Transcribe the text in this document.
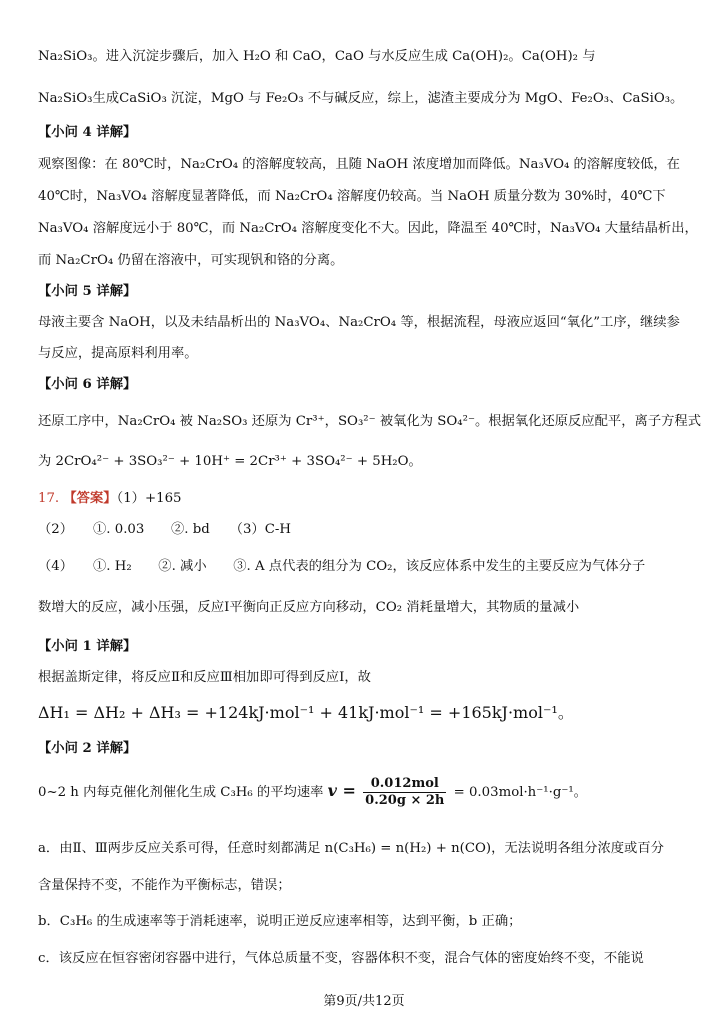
Na₂SiO₃。进入沉淀步骤后，加入 H₂O 和 CaO，CaO 与水反应生成 Ca(OH)₂。Ca(OH)₂ 与
Na₂SiO₃生成CaSiO₃ 沉淀，MgO 与 Fe₂O₃ 不与碱反应，综上，滤渣主要成分为 MgO、Fe₂O₃、CaSiO₃。
【小问 4 详解】
观察图像：在 80℃时，Na₂CrO₄ 的溶解度较高，且随 NaOH 浓度增加而降低。Na₃VO₄ 的溶解度较低，在
40℃时，Na₃VO₄ 溶解度显著降低，而 Na₂CrO₄ 溶解度仍较高。当 NaOH 质量分数为 30%时，40℃下
Na₃VO₄ 溶解度远小于 80℃，而 Na₂CrO₄ 溶解度变化不大。因此，降温至 40℃时，Na₃VO₄ 大量结晶析出，
而 Na₂CrO₄ 仍留在溶液中，可实现钒和铬的分离。
【小问 5 详解】
母液主要含 NaOH，以及未结晶析出的 Na₃VO₄、Na₂CrO₄ 等，根据流程，母液应返回“氧化”工序，继续参
与反应，提高原料利用率。
【小问 6 详解】
还原工序中，Na₂CrO₄ 被 Na₂SO₃ 还原为 Cr³⁺，SO₃²⁻ 被氧化为 SO₄²⁻。根据氧化还原反应配平，离子方程式
为 2CrO₄²⁻ + 3SO₃²⁻ + 10H⁺ = 2Cr³⁺ + 3SO₄²⁻ + 5H₂O。
17. 【答案】（1）+165
（2）　　①. 0.03　　②. bd　　（3）C-H
（4）　　①. H₂　　②. 减小　　③. A 点代表的组分为 CO₂，该反应体系中发生的主要反应为气体分子
数增大的反应，减小压强，反应Ⅰ平衡向正反应方向移动，CO₂ 消耗量增大，其物质的量减小
【小问 1 详解】
根据盖斯定律，将反应Ⅱ和反应Ⅲ相加即可得到反应Ⅰ，故
ΔH₁ = ΔH₂ + ΔH₃ = +124kJ·mol⁻¹ + 41kJ·mol⁻¹ = +165kJ·mol⁻¹。
【小问 2 详解】
0~2 h 内每克催化剂催化生成 C₃H₆ 的平均速率 $v = \frac{\text{0.012mol}}{0.20g \times 2h} = 0.03mol\cdot h^{-1}\cdot g^{-1}$。
a．由Ⅱ、Ⅲ两步反应关系可得，任意时刻都满足 n(C₃H₆) = n(H₂) + n(CO)，无法说明各组分浓度或百分
含量保持不变，不能作为平衡标志，错误；
b．C₃H₆ 的生成速率等于消耗速率，说明正逆反应速率相等，达到平衡，b 正确；
c．该反应在恒容密闭容器中进行，气体总质量不变，容器体积不变，混合气体的密度始终不变，不能说
第9页/共12页
